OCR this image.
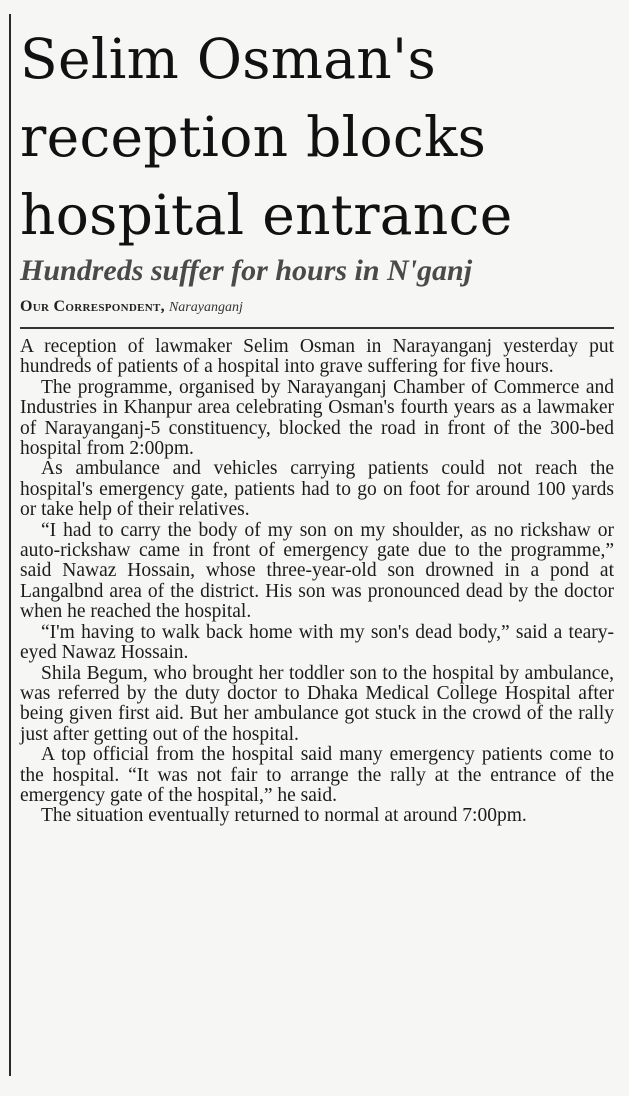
Selim Osman's
reception blocks
hospital entrance
Hundreds suffer for hours in N'ganj
Our Correspondent, Narayanganj

A reception of lawmaker Selim Osman in Narayanganj yesterday put hundreds of patients of a hospital into grave suffering for five hours.

The programme, organised by Narayanganj Chamber of Commerce and Industries in Khanpur area celebrating Osman's fourth years as a lawmaker of Narayanganj-5 constituency, blocked the road in front of the 300-bed hospital from 2:00pm.

As ambulance and vehicles carrying patients could not reach the hospital's emergency gate, patients had to go on foot for around 100 yards or take help of their relatives.

“I had to carry the body of my son on my shoulder, as no rickshaw or auto-rickshaw came in front of emergency gate due to the programme,” said Nawaz Hossain, whose three-year-old son drowned in a pond at Langalbnd area of the district. His son was pronounced dead by the doctor when he reached the hospital.

“I'm having to walk back home with my son's dead body,” said a teary-eyed Nawaz Hossain.

Shila Begum, who brought her toddler son to the hospital by ambulance, was referred by the duty doctor to Dhaka Medical College Hospital after being given first aid. But her ambulance got stuck in the crowd of the rally just after getting out of the hospital.

A top official from the hospital said many emergency patients come to the hospital. “It was not fair to arrange the rally at the entrance of the emergency gate of the hospital,” he said.

The situation eventually returned to normal at around 7:00pm.
